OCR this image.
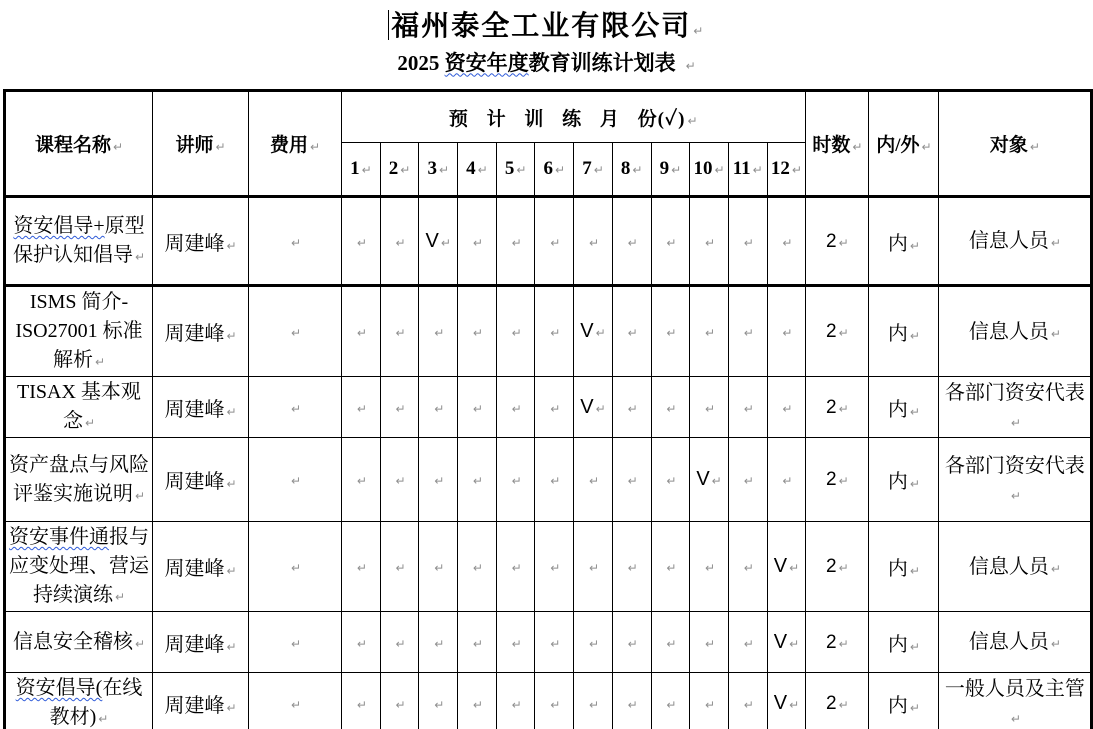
福州泰全工业有限公司 ↵
2025 资安年度教育训练计划表 ↵
课程名称 ↵	讲师 ↵	费用 ↵	预 计 训 练 月 份(✓) ↵												时数 ↵	内/外 ↵	对象 ↵
			1 ↵	2 ↵	3 ↵	4 ↵	5 ↵	6 ↵	7 ↵	8 ↵	9 ↵	10 ↵	11 ↵	12 ↵			
资安倡导+原型保护认知倡导 ↵	周建峰 ↵	↵	↵	↵	V ↵	↵	↵	↵	↵	↵	↵	↵	↵	↵	2 ↵	内 ↵	信息人员 ↵
ISMS 简介-ISO27001 标准解析 ↵	周建峰 ↵	↵	↵	↵	↵	↵	↵	↵	V ↵	↵	↵	↵	↵	↵	2 ↵	内 ↵	信息人员 ↵
TISAX 基本观念 ↵	周建峰 ↵	↵	↵	↵	↵	↵	↵	↵	V ↵	↵	↵	↵	↵	↵	2 ↵	内 ↵	各部门资安代表↵
资产盘点与风险评鉴实施说明 ↵	周建峰 ↵	↵	↵	↵	↵	↵	↵	↵	↵	↵	↵	V ↵	↵	↵	2 ↵	内 ↵	各部门资安代表↵
资安事件通报与应变处理、营运持续演练 ↵	周建峰 ↵	↵	↵	↵	↵	↵	↵	↵	↵	↵	↵	↵	↵	V ↵	2 ↵	内 ↵	信息人员 ↵
信息安全稽核 ↵	周建峰 ↵	↵	↵	↵	↵	↵	↵	↵	↵	↵	↵	↵	↵	V ↵	2 ↵	内 ↵	信息人员 ↵
资安倡导(在线教材) ↵	周建峰 ↵	↵	↵	↵	↵	↵	↵	↵	↵	↵	↵	↵	↵	V ↵	2 ↵	内 ↵	一般人员及主管↵
